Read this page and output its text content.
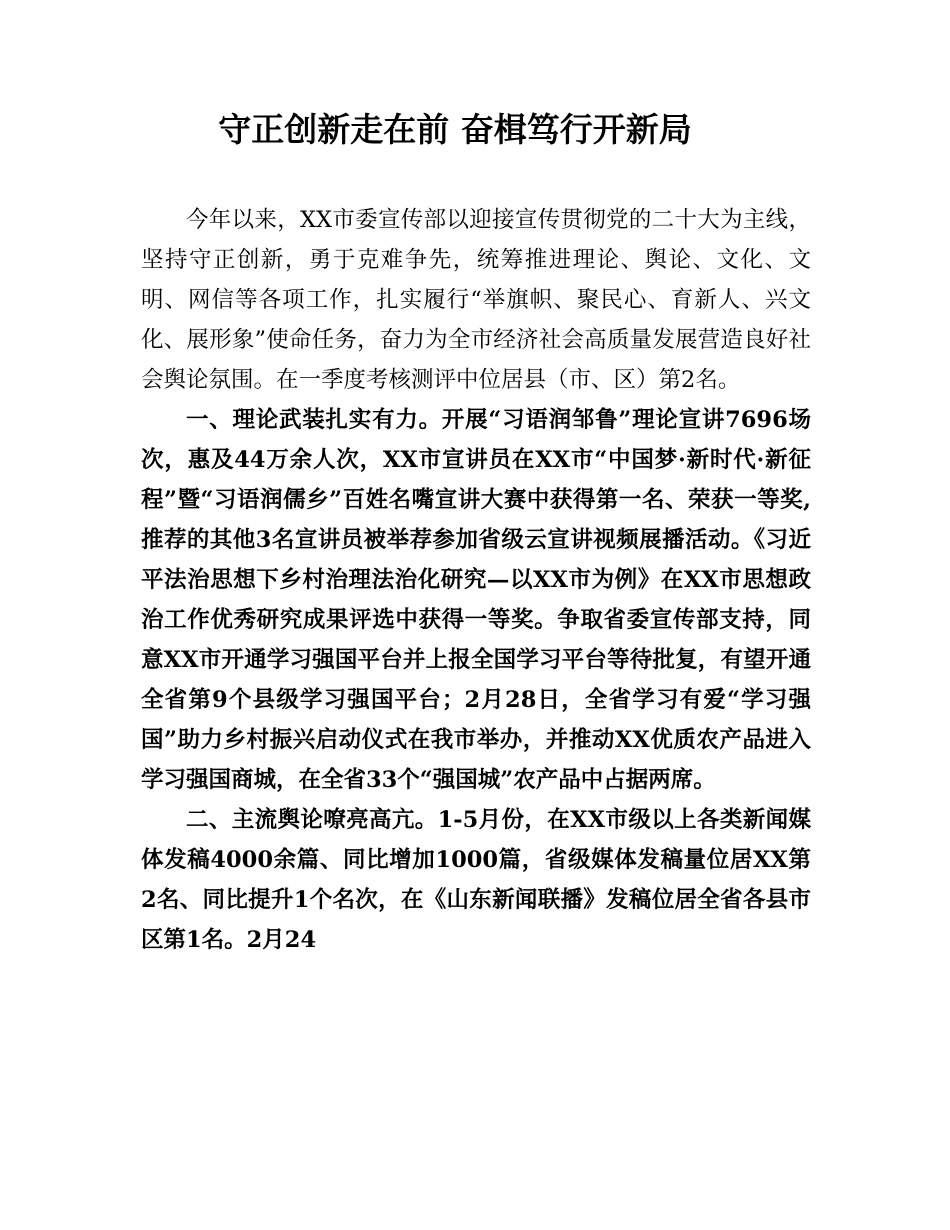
守正创新走在前 奋楫笃行开新局

今年以来，XX市委宣传部以迎接宣传贯彻党的二十大为主线，坚持守正创新，勇于克难争先，统筹推进理论、舆论、文化、文明、网信等各项工作，扎实履行“举旗帜、聚民心、育新人、兴文化、展形象”使命任务，奋力为全市经济社会高质量发展营造良好社会舆论氛围。在一季度考核测评中位居县（市、区）第2名。

一、理论武装扎实有力。开展“习语润邹鲁”理论宣讲7696场次，惠及44万余人次，XX市宣讲员在XX市“中国梦·新时代·新征程”暨“习语润儒乡”百姓名嘴宣讲大赛中获得第一名、荣获一等奖,推荐的其他3名宣讲员被举荐参加省级云宣讲视频展播活动。《习近平法治思想下乡村治理法治化研究—以XX市为例》在XX市思想政治工作优秀研究成果评选中获得一等奖。争取省委宣传部支持，同意XX市开通学习强国平台并上报全国学习平台等待批复，有望开通全省第9个县级学习强国平台；2月28日，全省学习有爱“学习强国”助力乡村振兴启动仪式在我市举办，并推动XX优质农产品进入学习强国商城，在全省33个“强国城”农产品中占据两席。

二、主流舆论嘹亮高亢。1-5月份，在XX市级以上各类新闻媒体发稿4000余篇、同比增加1000篇，省级媒体发稿量位居XX第2名、同比提升1个名次，在《山东新闻联播》发稿位居全省各县市区第1名。2月24
